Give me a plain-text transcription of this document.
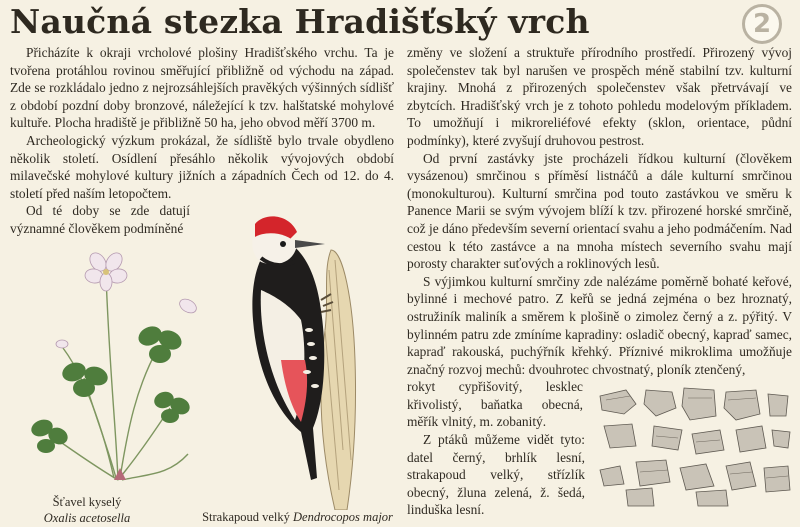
Naučná stezka Hradišťský vrch	2

Přicházíte k okraji vrcholové plošiny Hradišťského vrchu. Ta je tvořena protáhlou rovinou směřující přibližně od východu na západ. Zde se rozkládalo jedno z nejrozsáhlejších pravěkých výšinných sídlišť z období pozdní doby bronzové, náležející k tzv. halštatské mohylové kultuře. Plocha hradiště je přibližně 50 ha, jeho obvod měří 3700 m.

Archeologický výzkum prokázal, že sídliště bylo trvale obydleno několik století. Osídlení přesáhlo několik vývojových období milavečské mohylové kultury jižních a západních Čech od 12. do 4. století před naším letopočtem.

Od té doby se zde datují významné člověkem podmíněné

změny ve složení a struktuře přírodního prostředí. Přirozený vývoj společenstev tak byl narušen ve prospěch méně stabilní tzv. kulturní krajiny. Mnohá z přirozených společenstev však přetrvávají ve zbytcích. Hradišťský vrch je z tohoto pohledu modelovým příkladem. To umožňují i mikroreliéfové efekty (sklon, orientace, půdní podmínky), které zvyšují druhovou pestrost.

Od první zastávky jste procházeli řídkou kulturní (člověkem vysázenou) smrčinou s příměsí listnáčů a dále kulturní smrčinou (monokulturou). Kulturní smrčina pod touto zastávkou ve směru k Panence Marii se svým vývojem blíží k tzv. přirozené horské smrčině, což je dáno především severní orientací svahu a jeho podmáčením. Nad cestou k této zastávce a na mnoha místech severního svahu mají porosty charakter suťových a roklinových lesů.

S výjimkou kulturní smrčiny zde nalézáme poměrně bohaté keřové, bylinné i mechové patro. Z keřů se jedná zejména o bez hroznatý, ostružiník maliník a směrem k plošině o zimolez černý a z. pýřitý. V bylinném patru zde zmíníme kapradiny: osladič obecný, kapraď samec, kapraď rakouská, puchýřník křehký. Příznivé mikroklima umožňuje značný rozvoj mechů: dvouhrotec chvostnatý, ploník ztenčený,

rokyt cypřišovitý, lesklec křivolistý, baňatka obecná, měřík vlnitý, m. zobanitý.

Z ptáků můžeme vidět tyto: datel černý, brhlík lesní, strakapoud velký, střízlík obecný, žluna zelená, ž. šedá, linduška lesní.

Šťavel kyselý
Oxalis acetosella	Strakapoud velký Dendrocopos major
